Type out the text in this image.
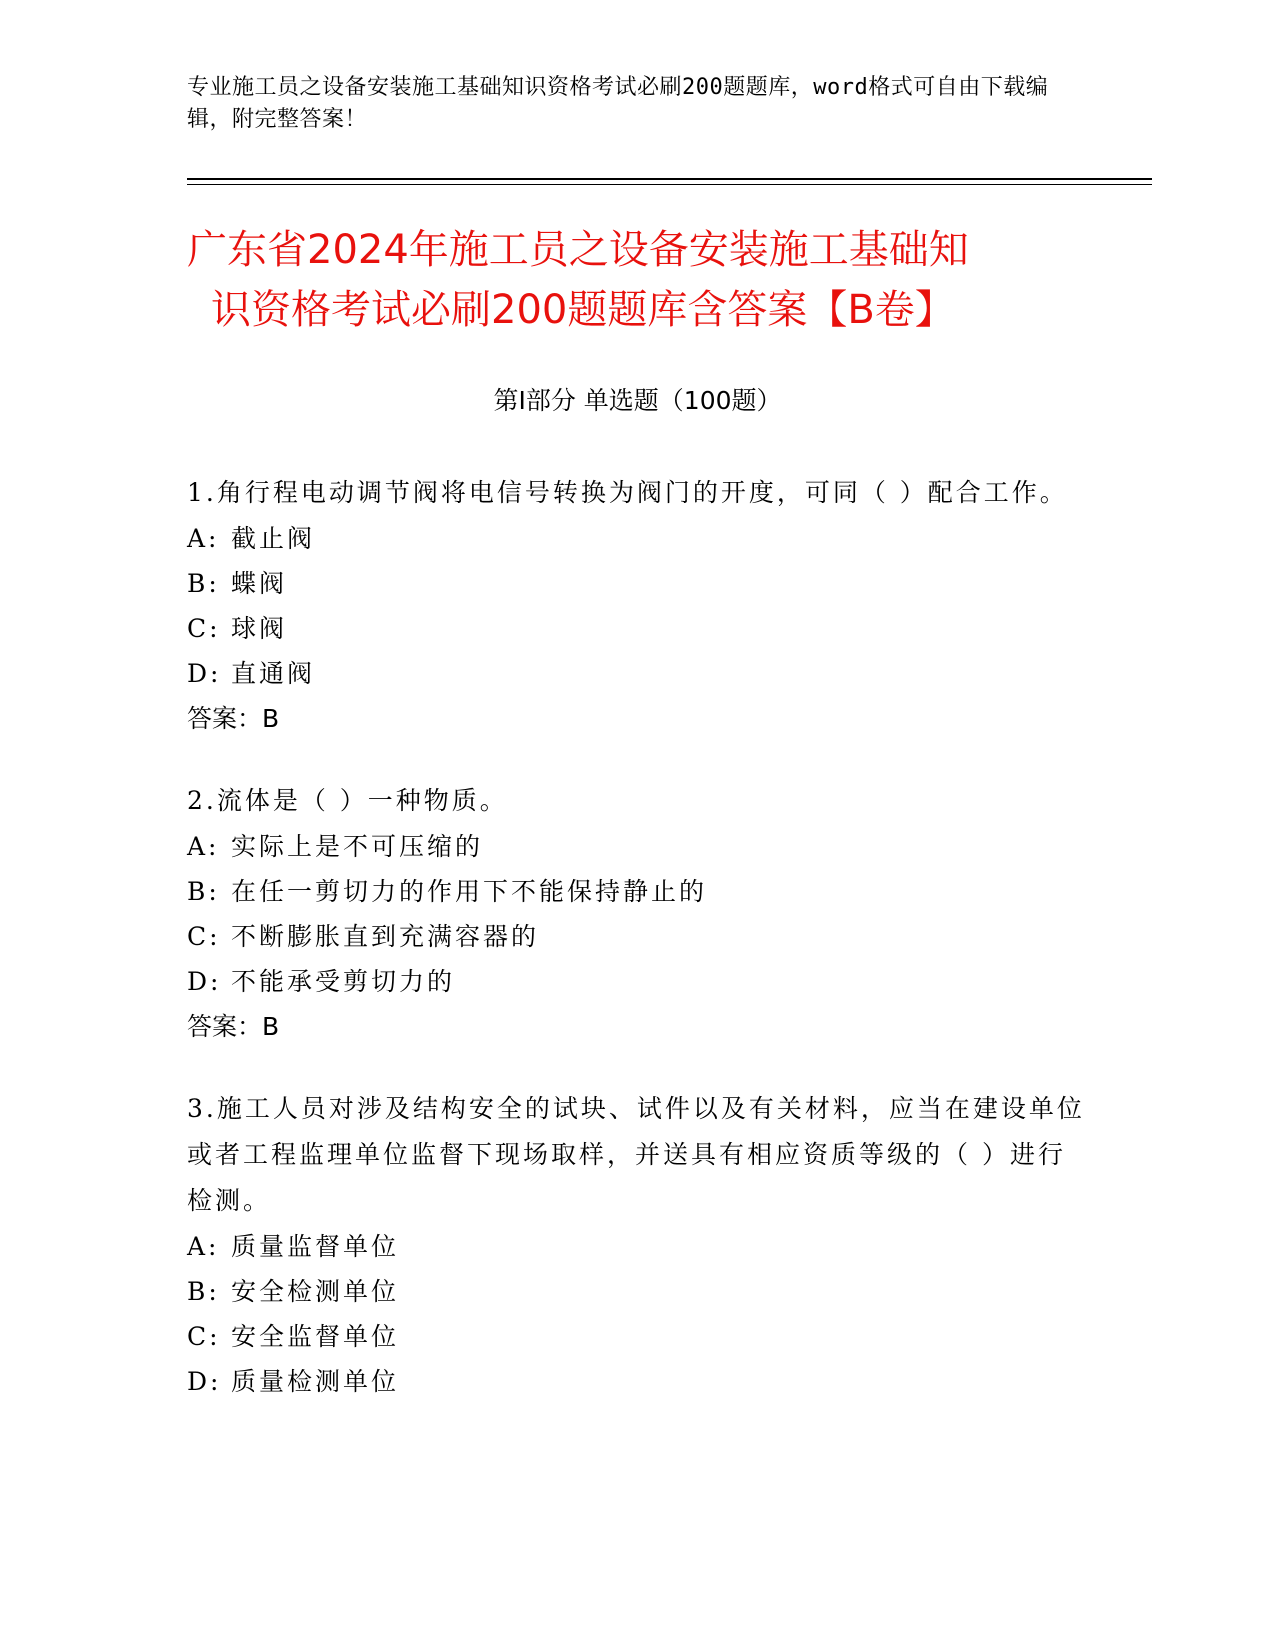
专业施工员之设备安装施工基础知识资格考试必刷200题题库，word格式可自由下载编辑，附完整答案！
广东省2024年施工员之设备安装施工基础知
识资格考试必刷200题题库含答案【B卷】
第I部分 单选题（100题）
1.角行程电动调节阀将电信号转换为阀门的开度，可同（ ）配合工作。
A: 截止阀
B: 蝶阀
C: 球阀
D: 直通阀
答案：B
2.流体是（ ）一种物质。
A: 实际上是不可压缩的
B: 在任一剪切力的作用下不能保持静止的
C: 不断膨胀直到充满容器的
D: 不能承受剪切力的
答案：B
3.施工人员对涉及结构安全的试块、试件以及有关材料，应当在建设单位或者工程监理单位监督下现场取样，并送具有相应资质等级的（ ）进行检测。
A: 质量监督单位
B: 安全检测单位
C: 安全监督单位
D: 质量检测单位
